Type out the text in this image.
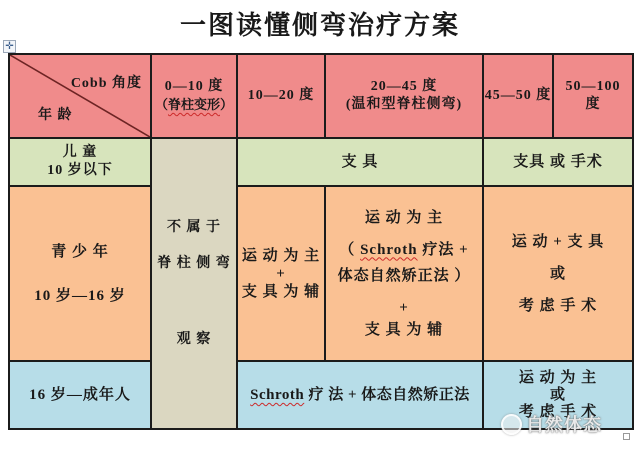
一图读懂侧弯治疗方案
✛
Cobb 角度
年 龄
0—10 度
（脊柱变形）
10—20 度
20—45 度
(温和型脊柱侧弯)
45—50 度
50—100
度
儿 童
10 岁以下
不 属 于
脊 柱 侧 弯
观 察
支 具	支具 或 手术
青 少 年
10 岁—16 岁
运 动 为 主
+
支 具 为 辅
运 动 为 主
（ Schroth 疗法 +
体态自然矫正法 ）
+
支 具 为 辅
运 动 + 支 具
或
考 虑 手 术
16 岁—成年人	Schroth 疗 法 + 体态自然矫正法
运 动 为 主
或
考 虑 手 术
自然体态
